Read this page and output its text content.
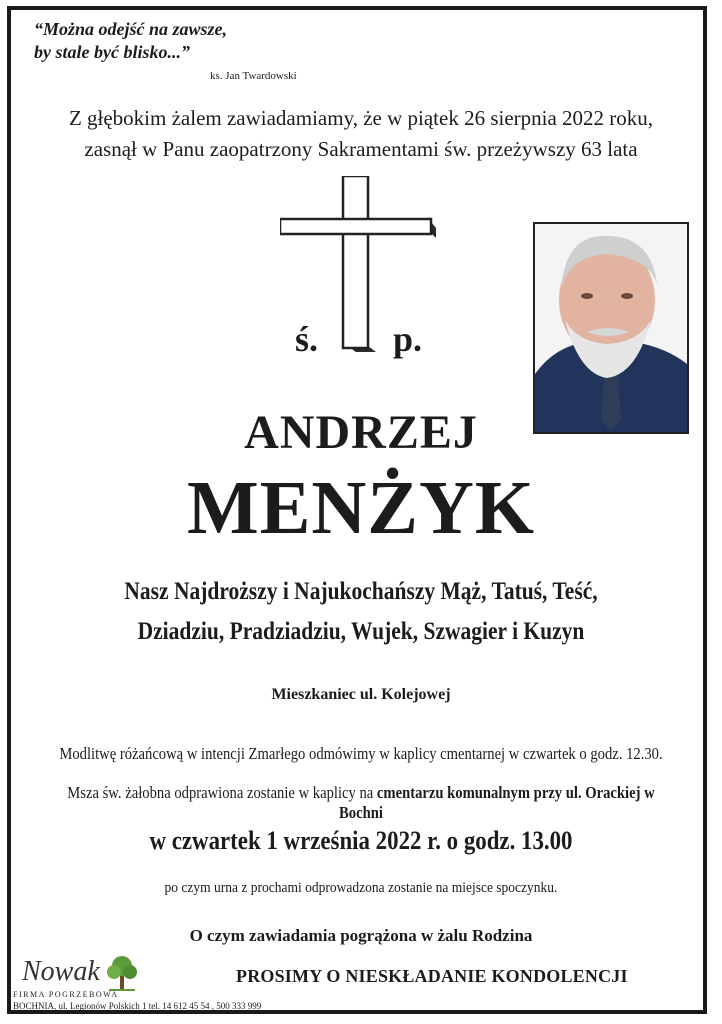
“Można odejść na zawsze,
by stale być blisko...”
ks. Jan Twardowski
Z głębokim żalem zawiadamiamy, że w piątek 26 sierpnia 2022 roku,
zasnął w Panu zaopatrzony Sakramentami św. przeżywszy 63 lata
ś. p.
ANDRZEJ
MENŻYK
Nasz Najdroższy i Najukochańszy Mąż, Tatuś, Teść,
Dziadziu, Pradziadziu, Wujek, Szwagier i Kuzyn
Mieszkaniec ul. Kolejowej
Modlitwę różańcową w intencji Zmarłego odmówimy w kaplicy cmentarnej w czwartek o godz. 12.30.
Msza św. żałobna odprawiona zostanie w kaplicy na cmentarzu komunalnym przy ul. Orackiej w Bochni
w czwartek 1 września 2022 r. o godz. 13.00
po czym urna z prochami odprowadzona zostanie na miejsce spoczynku.
O czym zawiadamia pogrążona w żalu Rodzina
PROSIMY O NIESKŁADANIE KONDOLENCJI
Nowak
FIRMA POGRZEBOWA
BOCHNIA, ul. Legionów Polskich 1 tel. 14 612 45 54 , 500 333 999
